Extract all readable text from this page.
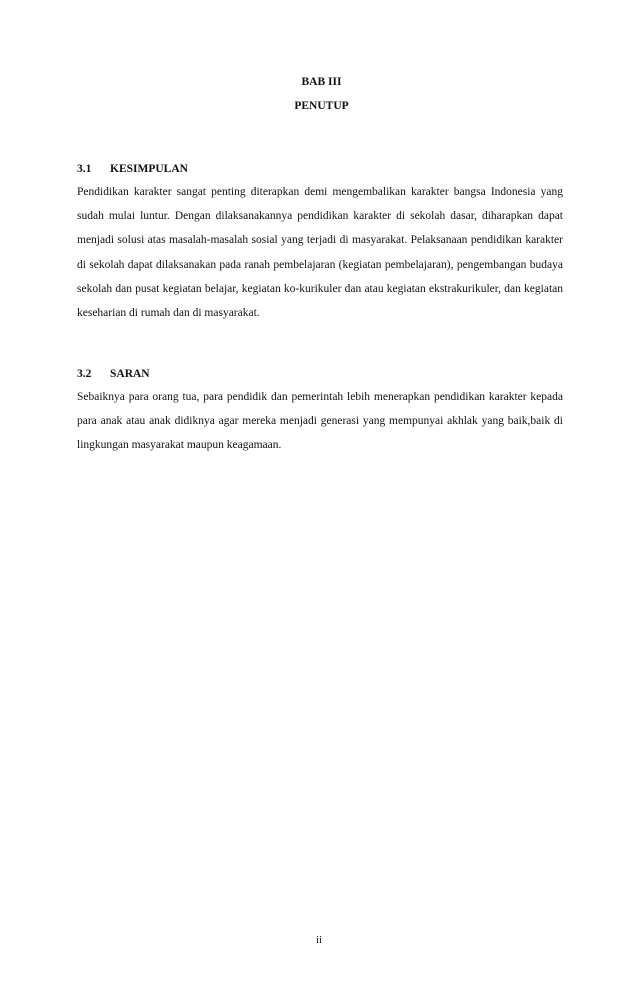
BAB III
PENUTUP
3.1 KESIMPULAN

Pendidikan karakter sangat penting diterapkan demi mengembalikan karakter bangsa Indonesia yang sudah mulai luntur. Dengan dilaksanakannya pendidikan karakter di sekolah dasar, diharapkan dapat menjadi solusi atas masalah-masalah sosial yang terjadi di masyarakat. Pelaksanaan pendidikan karakter di sekolah dapat dilaksanakan pada ranah pembelajaran (kegiatan pembelajaran), pengembangan budaya sekolah dan pusat kegiatan belajar, kegiatan ko-kurikuler dan atau kegiatan ekstrakurikuler, dan kegiatan keseharian di rumah dan di masyarakat.

3.2 SARAN

Sebaiknya para orang tua, para pendidik dan pemerintah lebih menerapkan pendidikan karakter kepada para anak atau anak didiknya agar mereka menjadi generasi yang mempunyai akhlak yang baik,baik di lingkungan masyarakat maupun keagamaan.

ii
